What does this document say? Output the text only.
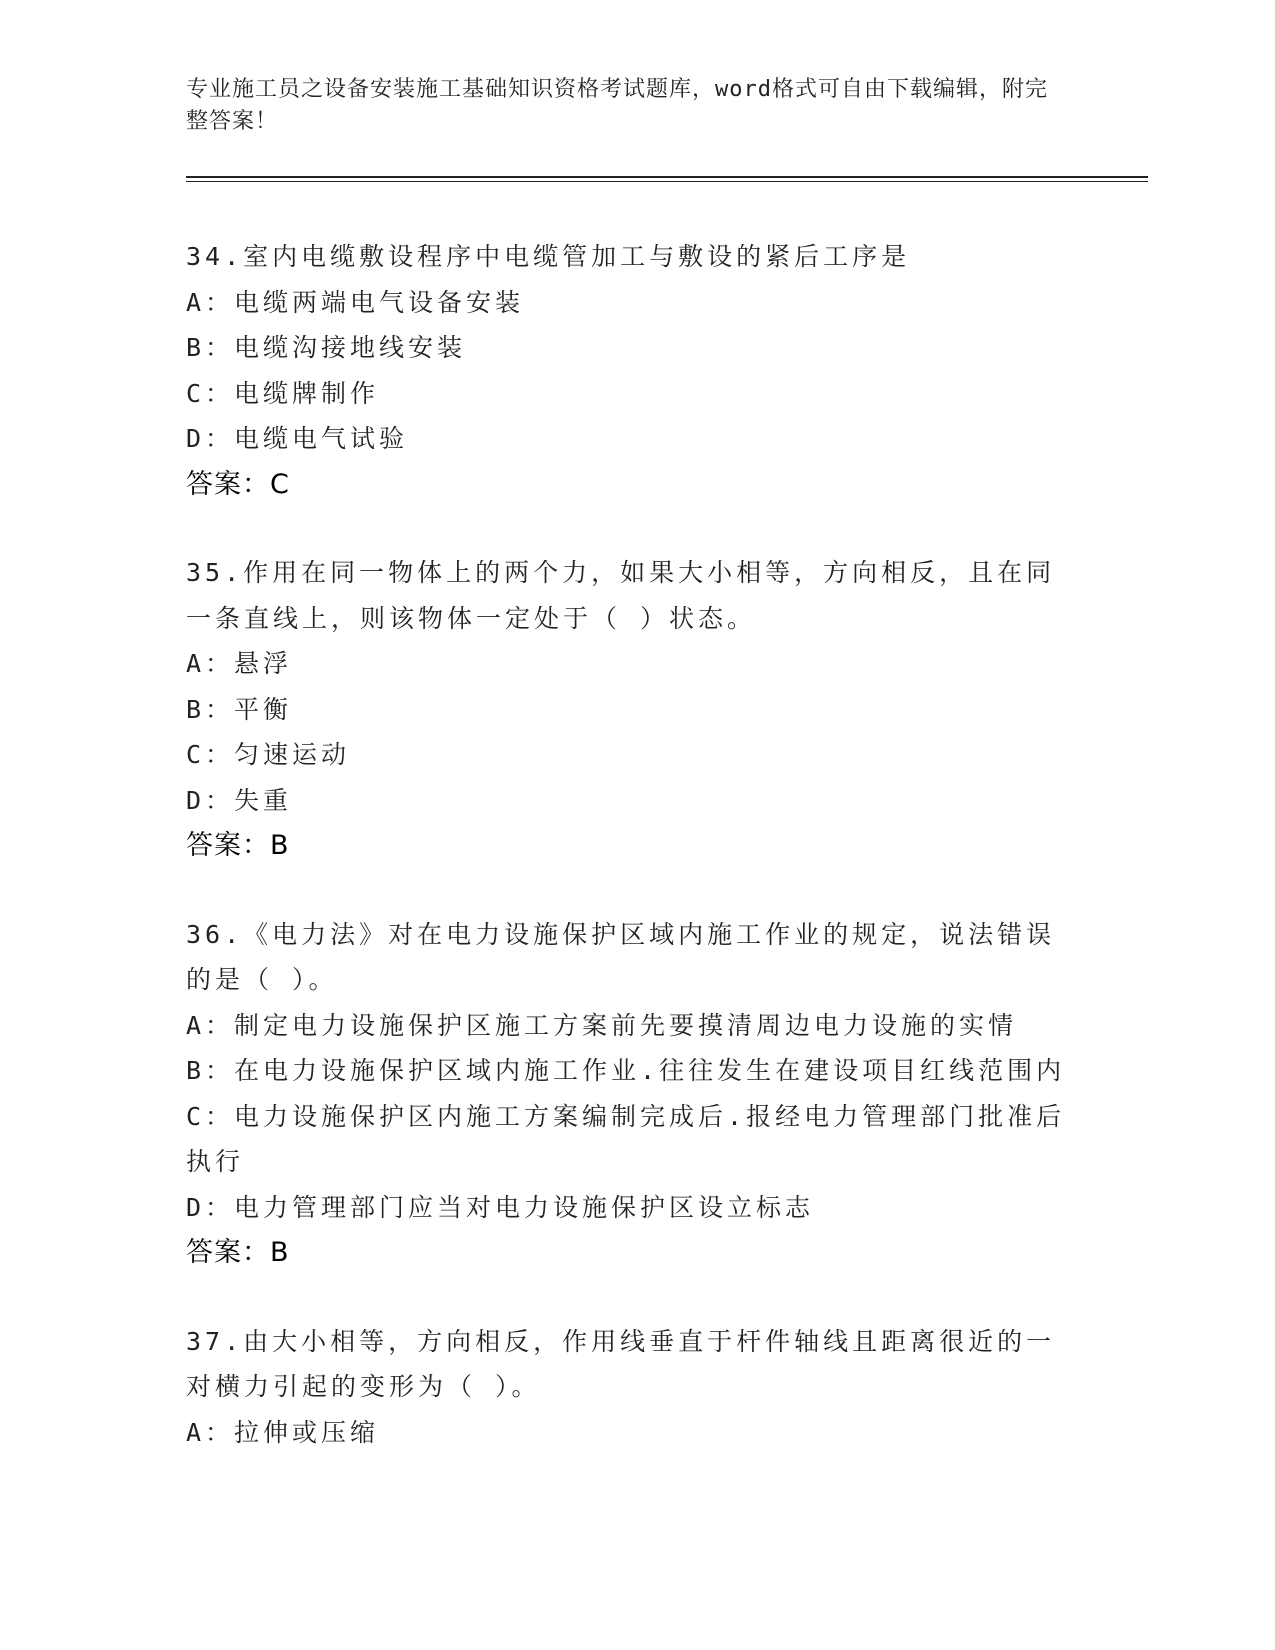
专业施工员之设备安装施工基础知识资格考试题库，word格式可自由下载编辑，附完整答案！

34.室内电缆敷设程序中电缆管加工与敷设的紧后工序是

A：电缆两端电气设备安装

B：电缆沟接地线安装

C：电缆牌制作

D：电缆电气试验

答案：C

35.作用在同一物体上的两个力，如果大小相等，方向相反，且在同一条直线上，则该物体一定处于（ ）状态。

A：悬浮

B：平衡

C：匀速运动

D：失重

答案：B

36.《电力法》对在电力设施保护区域内施工作业的规定，说法错误的是（ ）。

A：制定电力设施保护区施工方案前先要摸清周边电力设施的实情

B：在电力设施保护区域内施工作业.往往发生在建设项目红线范围内

C：电力设施保护区内施工方案编制完成后.报经电力管理部门批准后执行

D：电力管理部门应当对电力设施保护区设立标志

答案：B

37.由大小相等，方向相反，作用线垂直于杆件轴线且距离很近的一对横力引起的变形为（ ）。

A：拉伸或压缩
